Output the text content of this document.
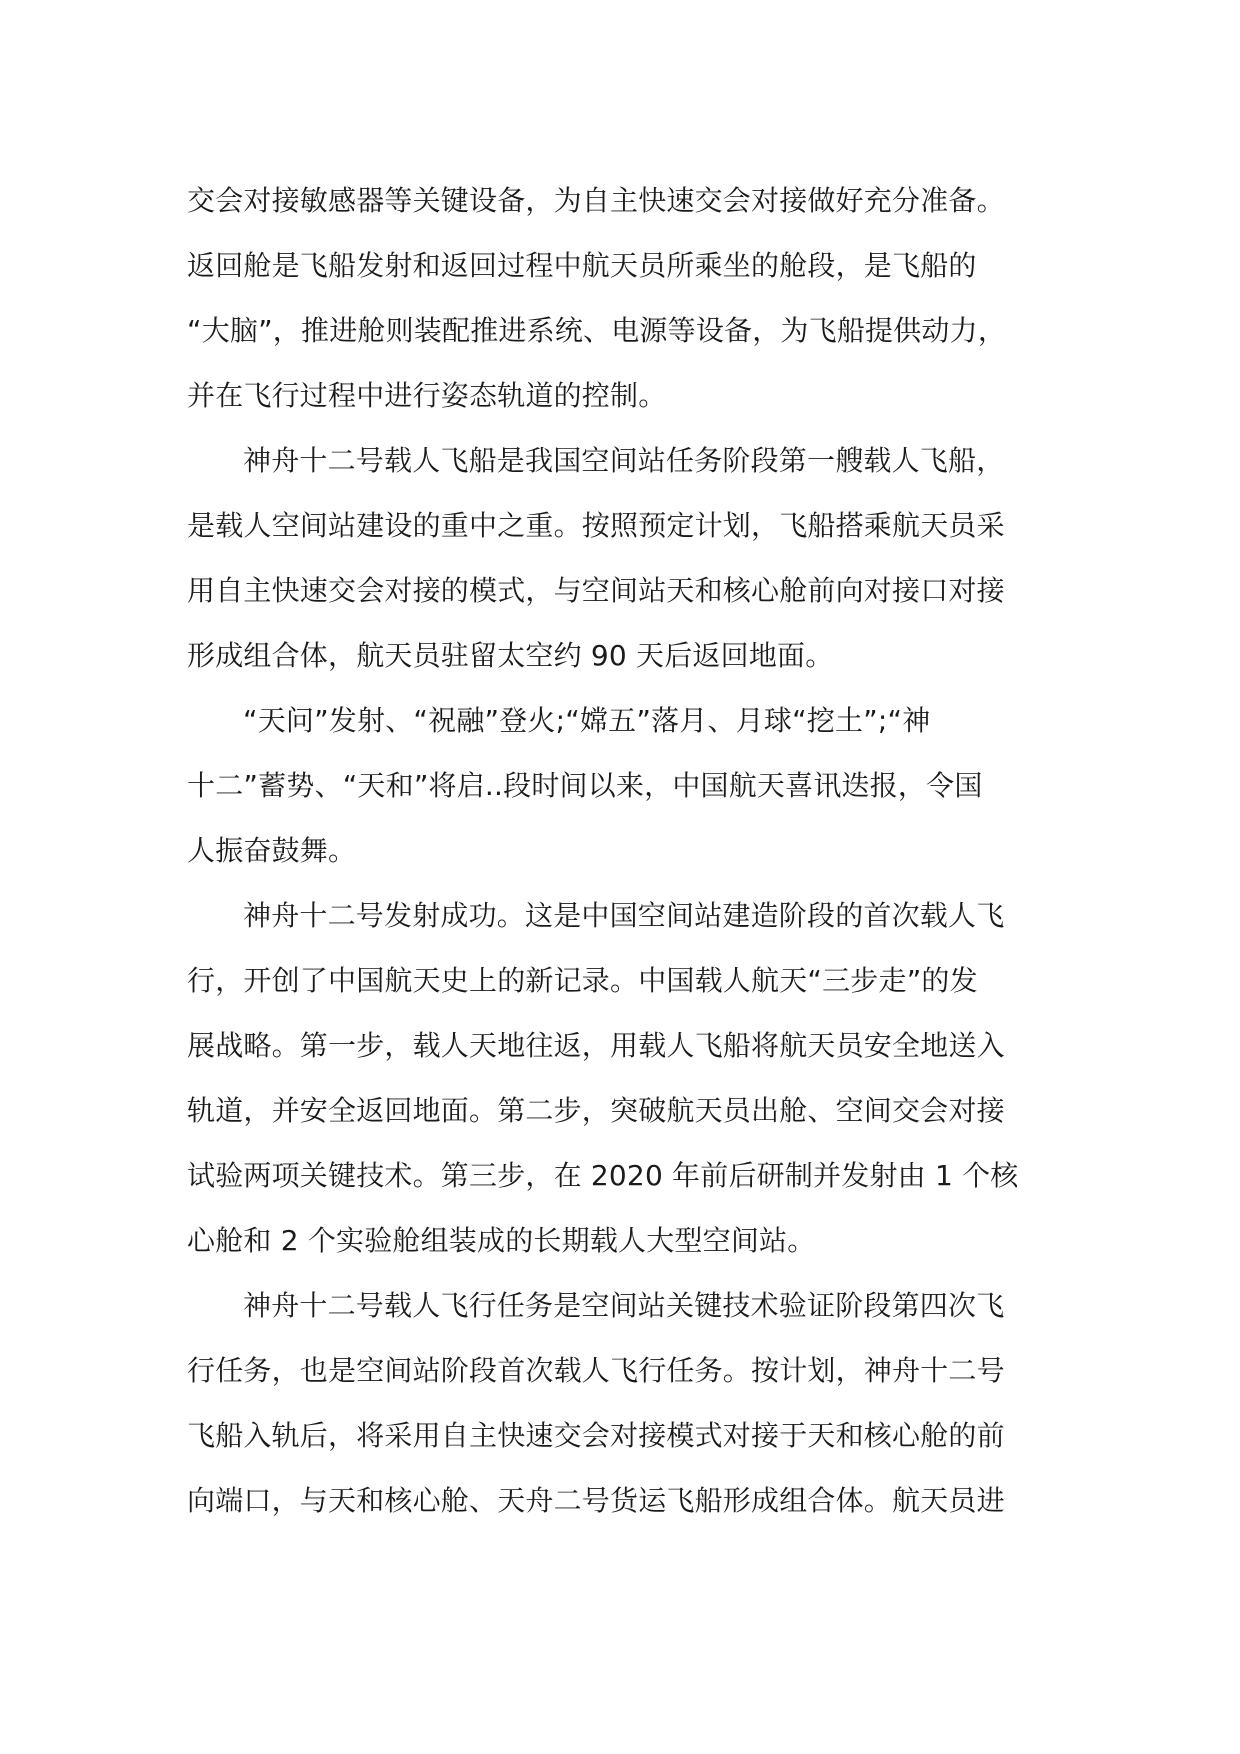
交会对接敏感器等关键设备，为自主快速交会对接做好充分准备。
返回舱是飞船发射和返回过程中航天员所乘坐的舱段，是飞船的
“大脑”，推进舱则装配推进系统、电源等设备，为飞船提供动力，
并在飞行过程中进行姿态轨道的控制。
神舟十二号载人飞船是我国空间站任务阶段第一艘载人飞船，
是载人空间站建设的重中之重。按照预定计划，飞船搭乘航天员采
用自主快速交会对接的模式，与空间站天和核心舱前向对接口对接
形成组合体，航天员驻留太空约 90 天后返回地面。
“天问”发射、“祝融”登火;“嫦五”落月、月球“挖土”;“神
十二”蓄势、“天和”将启..段时间以来，中国航天喜讯迭报，令国
人振奋鼓舞。
神舟十二号发射成功。这是中国空间站建造阶段的首次载人飞
行，开创了中国航天史上的新记录。中国载人航天“三步走”的发
展战略。第一步，载人天地往返，用载人飞船将航天员安全地送入
轨道，并安全返回地面。第二步，突破航天员出舱、空间交会对接
试验两项关键技术。第三步，在 2020 年前后研制并发射由 1 个核
心舱和 2 个实验舱组装成的长期载人大型空间站。
神舟十二号载人飞行任务是空间站关键技术验证阶段第四次飞
行任务，也是空间站阶段首次载人飞行任务。按计划，神舟十二号
飞船入轨后，将采用自主快速交会对接模式对接于天和核心舱的前
向端口，与天和核心舱、天舟二号货运飞船形成组合体。航天员进
